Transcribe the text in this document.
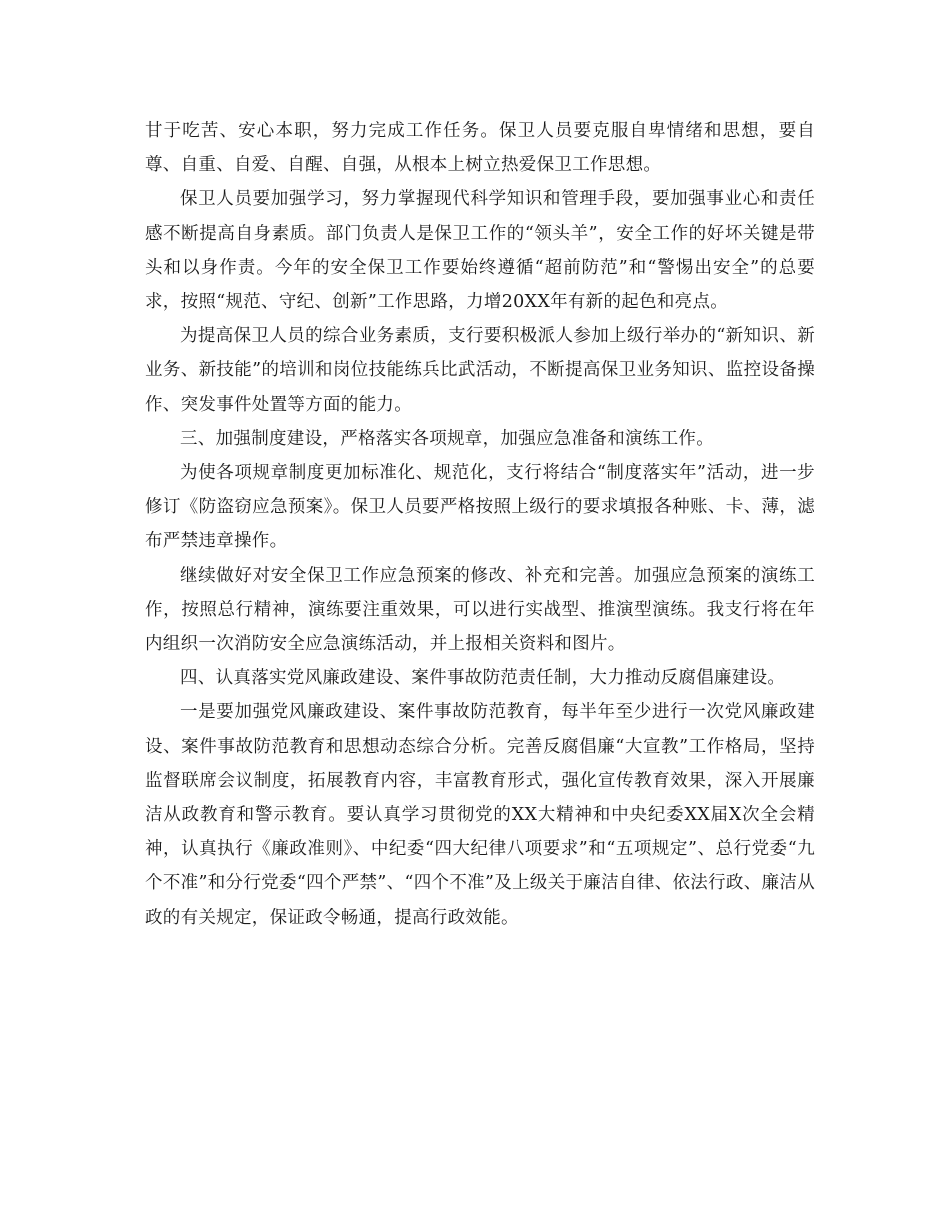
甘于吃苦、安心本职，努力完成工作任务。保卫人员要克服自卑情绪和思想，要自尊、自重、自爱、自醒、自强，从根本上树立热爱保卫工作思想。

保卫人员要加强学习，努力掌握现代科学知识和管理手段，要加强事业心和责任感不断提高自身素质。部门负责人是保卫工作的“领头羊”，安全工作的好坏关键是带头和以身作责。今年的安全保卫工作要始终遵循“超前防范”和“警惕出安全”的总要求，按照“规范、守纪、创新”工作思路，力增20XX年有新的起色和亮点。

为提高保卫人员的综合业务素质，支行要积极派人参加上级行举办的“新知识、新业务、新技能”的培训和岗位技能练兵比武活动，不断提高保卫业务知识、监控设备操作、突发事件处置等方面的能力。

三、加强制度建设，严格落实各项规章，加强应急准备和演练工作。

为使各项规章制度更加标准化、规范化，支行将结合“制度落实年”活动，进一步修订《防盗窃应急预案》。保卫人员要严格按照上级行的要求填报各种账、卡、薄，滤布严禁违章操作。

继续做好对安全保卫工作应急预案的修改、补充和完善。加强应急预案的演练工作，按照总行精神，演练要注重效果，可以进行实战型、推演型演练。我支行将在年内组织一次消防安全应急演练活动，并上报相关资料和图片。

四、认真落实党风廉政建设、案件事故防范责任制，大力推动反腐倡廉建设。

一是要加强党风廉政建设、案件事故防范教育，每半年至少进行一次党风廉政建设、案件事故防范教育和思想动态综合分析。完善反腐倡廉“大宣教”工作格局，坚持监督联席会议制度，拓展教育内容，丰富教育形式，强化宣传教育效果，深入开展廉洁从政教育和警示教育。要认真学习贯彻党的XX大精神和中央纪委XX届X次全会精神，认真执行《廉政准则》、中纪委“四大纪律八项要求”和“五项规定”、总行党委“九个不准”和分行党委“四个严禁”、“四个不准”及上级关于廉洁自律、依法行政、廉洁从政的有关规定，保证政令畅通，提高行政效能。
